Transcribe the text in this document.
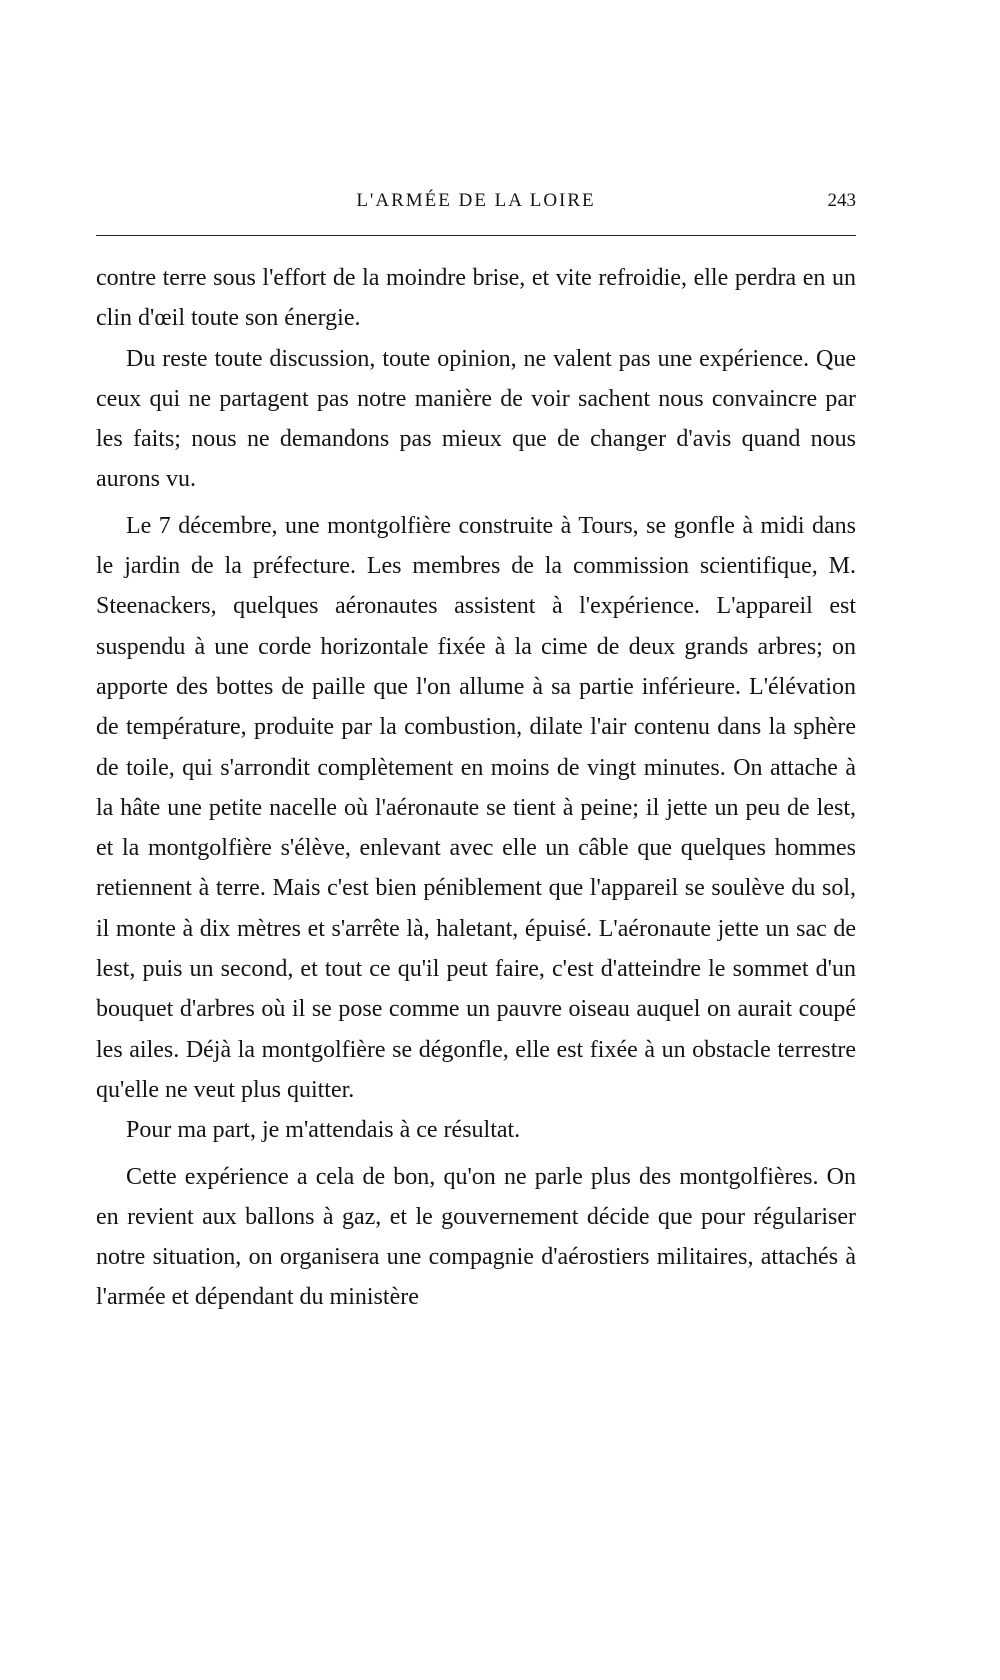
L'ARMÉE DE LA LOIRE	243

contre terre sous l'effort de la moindre brise, et vite refroidie, elle perdra en un clin d'œil toute son énergie.

Du reste toute discussion, toute opinion, ne valent pas une expérience. Que ceux qui ne partagent pas notre manière de voir sachent nous convaincre par les faits; nous ne demandons pas mieux que de changer d'avis quand nous aurons vu.

Le 7 décembre, une montgolfière construite à Tours, se gonfle à midi dans le jardin de la préfecture. Les membres de la commission scientifique, M. Steenackers, quelques aéronautes assistent à l'expérience. L'appareil est suspendu à une corde horizontale fixée à la cime de deux grands arbres; on apporte des bottes de paille que l'on allume à sa partie inférieure. L'élévation de température, produite par la combustion, dilate l'air contenu dans la sphère de toile, qui s'arrondit complètement en moins de vingt minutes. On attache à la hâte une petite nacelle où l'aéronaute se tient à peine; il jette un peu de lest, et la montgolfière s'élève, enlevant avec elle un câble que quelques hommes retiennent à terre. Mais c'est bien péniblement que l'appareil se soulève du sol, il monte à dix mètres et s'arrête là, haletant, épuisé. L'aéronaute jette un sac de lest, puis un second, et tout ce qu'il peut faire, c'est d'atteindre le sommet d'un bouquet d'arbres où il se pose comme un pauvre oiseau auquel on aurait coupé les ailes. Déjà la montgolfière se dégonfle, elle est fixée à un obstacle terrestre qu'elle ne veut plus quitter.

Pour ma part, je m'attendais à ce résultat.

Cette expérience a cela de bon, qu'on ne parle plus des montgolfières. On en revient aux ballons à gaz, et le gouvernement décide que pour régulariser notre situation, on organisera une compagnie d'aérostiers militaires, attachés à l'armée et dépendant du ministère
